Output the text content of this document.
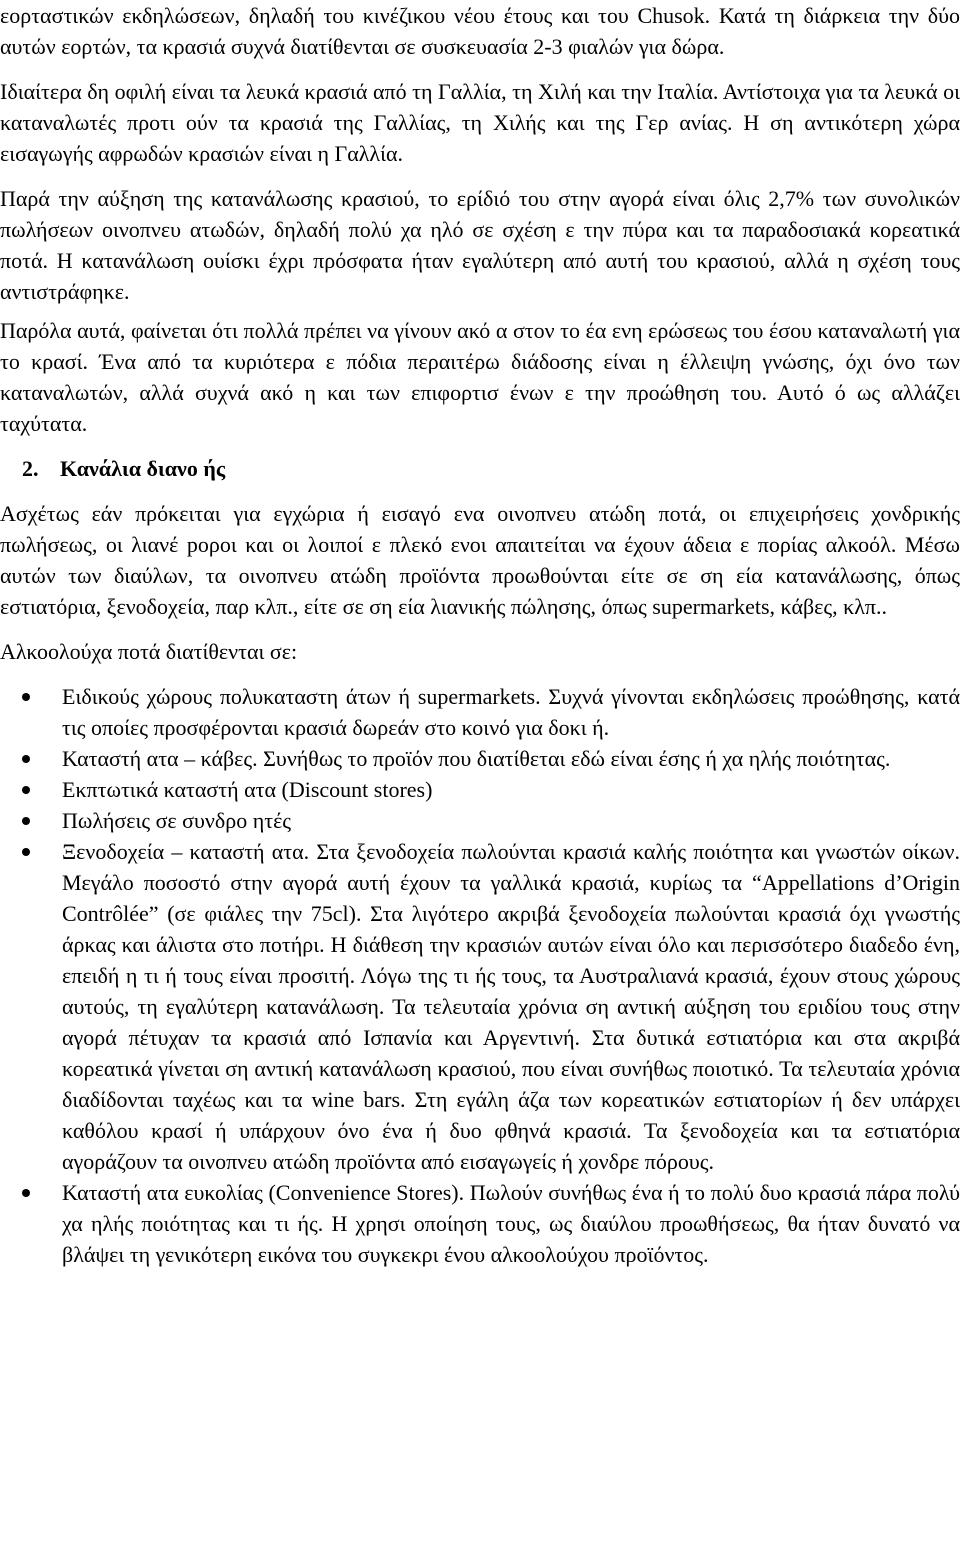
εορταστικών εκδηλώσεων, δηλαδή του κινέζικου νέου έτους και του Chusok. Κατά τη διάρκεια την δύο αυτών εορτών, τα κρασιά συχνά διατίθενται σε συσκευασία 2-3 φιαλών για δώρα.

Ιδιαίτερα δη οφιλή είναι τα λευκά κρασιά από τη Γαλλία, τη Χιλή και την Ιταλία. Αντίστοιχα για τα λευκά οι καταναλωτές προτι ούν τα κρασιά της Γαλλίας, τη Χιλής και της Γερ ανίας. Η ση αντικότερη χώρα εισαγωγής αφρωδών κρασιών είναι η Γαλλία.

Παρά την αύξηση της κατανάλωσης κρασιού, το ερίδιό του στην αγορά είναι όλις 2,7% των συνολικών πωλήσεων οινοπνευ ατωδών, δηλαδή πολύ χα ηλό σε σχέση ε την πύρα και τα παραδοσιακά κορεατικά ποτά. Η κατανάλωση ουίσκι έχρι πρόσφατα ήταν εγαλύτερη από αυτή του κρασιού, αλλά η σχέση τους αντιστράφηκε.

Παρόλα αυτά, φαίνεται ότι πολλά πρέπει να γίνουν ακό α στον το έα ενη ερώσεως του έσου καταναλωτή για το κρασί. Ένα από τα κυριότερα ε πόδια περαιτέρω διάδοσης είναι η έλλειψη γνώσης, όχι όνο των καταναλωτών, αλλά συχνά ακό η και των επιφορτισ ένων ε την προώθηση του. Αυτό ό ως αλλάζει ταχύτατα.

2. Κανάλια διανο ής

Ασχέτως εάν πρόκειται για εγχώρια ή εισαγό ενα οινοπνευ ατώδη ποτά, οι επιχειρήσεις χονδρικής πωλήσεως, οι λιανέ poροι και οι λοιποί ε πλεκό ενοι απαιτείται να έχουν άδεια ε πορίας αλκοόλ. Μέσω αυτών των διαύλων, τα οινοπνευ ατώδη προϊόντα προωθούνται είτε σε ση εία κατανάλωσης, όπως εστιατόρια, ξενοδοχεία, παρ κλπ., είτε σε ση εία λιανικής πώλησης, όπως supermarkets, κάβες, κλπ..

Αλκοολούχα ποτά διατίθενται σε:

Ειδικούς χώρους πολυκαταστη άτων ή supermarkets. Συχνά γίνονται εκδηλώσεις προώθησης, κατά τις οποίες προσφέρονται κρασιά δωρεάν στο κοινό για δοκι ή.
Καταστή ατα – κάβες. Συνήθως το προϊόν που διατίθεται εδώ είναι έσης ή χα ηλής ποιότητας.
Εκπτωτικά καταστή ατα (Discount stores)
Πωλήσεις σε συνδρο ητές
Ξενοδοχεία – καταστή ατα. Στα ξενοδοχεία πωλούνται κρασιά καλής ποιότητα και γνωστών οίκων. Μεγάλο ποσοστό στην αγορά αυτή έχουν τα γαλλικά κρασιά, κυρίως τα “Appellations d’Origin Contrôlée” (σε φιάλες την 75cl). Στα λιγότερο ακριβά ξενοδοχεία πωλούνται κρασιά όχι γνωστής άρκας και άλιστα στο ποτήρι. Η διάθεση την κρασιών αυτών είναι όλο και περισσότερο διαδεδο ένη, επειδή η τι ή τους είναι προσιτή. Λόγω της τι ής τους, τα Αυστραλιανά κρασιά, έχουν στους χώρους αυτούς, τη εγαλύτερη κατανάλωση. Τα τελευταία χρόνια ση αντική αύξηση του εριδίου τους στην αγορά πέτυχαν τα κρασιά από Ισπανία και Αργεντινή. Στα δυτικά εστιατόρια και στα ακριβά κορεατικά γίνεται ση αντική κατανάλωση κρασιού, που είναι συνήθως ποιοτικό. Τα τελευταία χρόνια διαδίδονται ταχέως και τα wine bars. Στη εγάλη άζα των κορεατικών εστιατορίων ή δεν υπάρχει καθόλου κρασί ή υπάρχουν όνο ένα ή δυο φθηνά κρασιά. Τα ξενοδοχεία και τα εστιατόρια αγοράζουν τα οινοπνευ ατώδη προϊόντα από εισαγωγείς ή χονδρε πόρους.
Καταστή ατα ευκολίας (Convenience Stores). Πωλούν συνήθως ένα ή το πολύ δυο κρασιά πάρα πολύ χα ηλής ποιότητας και τι ής. Η χρησι οποίηση τους, ως διαύλου προωθήσεως, θα ήταν δυνατό να βλάψει τη γενικότερη εικόνα του συγκεκρι ένου αλκοολούχου προϊόντος.
